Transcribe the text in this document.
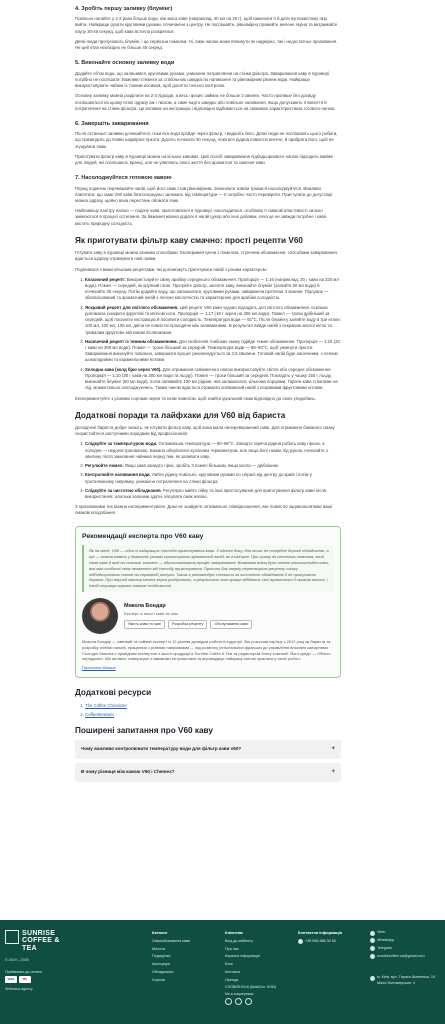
4. Зробіть першу заливку (блумінг)

Повільно налийте у 2-3 рази більше води, ніж маса кави (наприклад, 40 мл на 20 г), щоб намочити її й дати вуглекислому газу вийти. Найкраще рухати круговими рухами, починаючи з центру. Не поспішайте, рівномірно промийте меленe зерна та витримайте паузу 30-45 секунд, щоб кава встигла розкритися.

Деякі люди пропускають блумінг, і це серйозна помилка. Ні, смак напою може вплинути як надмірно, так і недостатньо проливання. Не цей етап необхідно не більше 45 секунд.

5. Виконайте основну заливку води

Додайте об'єм води, що залишився, круговими рухами, уникаючи потрапляння на стінки фільтра. Заварювання каву в пуровері потрібно не поспішати. Важливо стежити за стабільною швидкістю наливання та рівномірним рівнем води. Найкраще використовувати чайник із тонким носиком, щоб досягти точного контролю.

Основну заливку можна розділити на 2-3 підходи, а весь процес займає не більше 3 хвилин. Часто пропише без досвіду поспішаються на цьому етапі одразу аж і тиском, а саме надто швидко або повільне заливання, якщо допускають її вилиття й потрапляння на стінки фільтра. Це впливає на екстракцію і відповідно відбивається на смакових характеристиках готового напою.

6. Завершіть заварювання

Після останньої заливки дочекайтеся, поки вся вода пройде через фільтр, і видаліть його. Деякі люди не поспішають цього робити, що призводить до появи надмірної гіркоти. Досить почекати 30 секунд, поки вся рідина повністю витече, й прибрати його, щоб не згущувати смак.

Приготувати фільтр-каву в пуровері можна на кількох кавових. Цей спосіб заварювання підбадьорливого напою підходить майже для людей, які поспішають вранці, але не уявляють свого життя без ароматної та смачної кави.

7. Насолоджуйтеся готовою кавою

Перед подачею перемішайте напій, щоб його смак став рівномірним. Зекономте зовсім трішки й насолоджуйтеся. Важливо пам'ятати, що смак V60 кави безпосередньо залежить від температури — її потрібно часто перевіряти. Приступати до дегустації можна одразу, щойно вона перестане обпікати язик.

Найповнішу палітру напою — подачу кави, приготовленої в пуровері, насолодитися, особливо її смакові властивості сильно змінюються в процесі остигання. За бажання можна додати в напій цукор або інші добавки, хоча це не завжди потрібне і кава містить природну солодкість.

Як приготувати фільтр каву смачно: прості рецепти V60

Готувати каву в пуровері можна різними способами. Експериментуючи з помелом, ступенем обсмаження, способами заварювання, вдасться щоразу отримувати нові смаки.

Поділимося з вами кількома рецептами, які допоможуть приготувати напій з різним характером:

1. Класичний рецепт: Використовуйте свіжу арабіку середнього обсмаження. Пропорція — 1:16 (наприклад, 20 г кави на 320 мл води). Помел — середній, як крупний пісок. Прогрійте фільтр, засипте каву, виконайте блумінг (залийте 60 мл води) й почекайте 30 секунд. Потім додайте воду, що залишилася, круговими рухами, заварюючи протягом 3 хвилин. Підсумок — збалансований та ароматний напій з легкою кислотністю та характерною для арабіки солодкістю.
2. Яскравий рецепт для світлого обсмаження. Цей рецепт V60 кави чудово підходить для світлого обсмаження, оскільки допомагає розкрити фруктові та квіткові ноти. Пропорція — 1:17 (18 г зерен на 306 мл води). Помел — трохи дрібніший за середній, щоб посилити екстракцію й посилити солодкість. Температура води — 92°C. Після блумінгу залийте воду в три етапи: 100 мл, 100 мл, 106 мл, двічи не повністю проходячи між заливаннями. В результаті вийде напій з яскравою кислотністю та тривалим фруктово-квітковим післясмаком.
3. Насичений рецепт із темним обсмаженням. Для любителів глибоких смаку підійде темне обсмаження. Пропорція — 1:15 (20 г кави на 300 мл води). Помел — трохи більший за середній. Температура води — 88–90°C, щоб уникнути гіркоти. Заварювання виконуйте повільно, завершити процес рекомендується за 3,5 хвилини. Готовий напій буде насиченим, з легким шоколадними та карамельними нотами.
4. Холодна кава (колд брю через V60). Для отримання освіжаючого напою використовуйте світлe або середнє обсмаження. Пропорція — 1:10 (30 г кави на 300 мл води та льоду). Помел — трохи більший за середній. Покладіть у чашку 150 г льоду, виконайте блумінг (50 мл води), потім заливайте 100 мл рідини, яка залишилася, кількома порціями. Гаряча кава стікатиме на лід, моментально охолоджуючись. Таким чином вдасться отримати освіжаючий напій з яскравими фруктовими нотами.

Експериментуйте з різними сортами зерен та їхнім помелом, щоб знайти ідеальний смак відповідно до своїх уподобань.

Додаткові поради та лайфхаки для V60 від бариста

Досвідчені бариста добре знають, як готувати фільтр каву, щоб вона мала неперевершений смак. Для отримання бажаного смаку скористайтеся наступними порадами від професіоналів:

1. Слідкуйте за температурою води. Оптимальна температура — 90–96°C. Занадто гаряча рідина робить каву гіркою, а холодна — недоекстрагованою. Бажано оберігатися кухонним термометром, але якщо його немає під рукою, почекайте 1 хвилину після закипання чайника перед тим, як заливати каву.
2. Регулюйте помел. Якщо кава занадто гірка, зробіть її помел більшим, якщо кисла — дрібнішим.
3. Контролюйте наливання води. Лийте рідину повільно, круговими рухами по спіралі від центру до країв і потім у протилежному напрямку, уникаючи потрапляння на стінки фільтра.
4. Слідкуйте за чистотою обладнання. Регулярно мийте лійку та інші пристосування для приготування фільтр-кави після використання, оскільки залишки здатні зіпсувати смак напою.

З прихованими тих можна експериментувати. Доки не знайдете оптимальне співвідношення, яке повністю задовольнятиме ваші смакові вподобання.

Рекомендації експерта про V60 каву
Як на мене, V60 — один із найкращих способів приготування кави. З одного боку, для нього не потрібне дороге обладнання, а ще — можна навіть у домашніх умовах приготувати ароматний напій, як в кав'ярні. При цьому не настільки важлива, який саме кава й якої на сопілкаї, головне — вдосконалювати процес заварювання. Виявляєм всіма були технік кількохитьбох кави, яка має особливі смак незалежно від способу приготування. Пропоно бак зверну перетворила рецепту чашку підбадьорливого напою на справжній ритуал. Також в рекомендую стежити за чистотою обладнання й не пропускати блумінг. При першій заливці мелені зерна розбухають, в результаті чого краще віддають свої ароматичні й смакові якості, і напій отримує виразні смакові особливості.
Микола Бондар
Експерт із якості кави та чаю
Якість кави та чаю	Розробка рецепту	Обслуговання кави
Микола Бондар — кавовий та чайний експерт із 12-річним досвідом роботи в індустрії. Він розпочав кар'єру з 2012 році як бариста та розробку лінійки напоїв, працюючи з різними напрямками — від розвитку регіональних франшиз до управління власним кав'ярнями. Сьогодні Микола є провідним експертом з якості продукції в Sunrise Coffee & Tea та редактором блогу компанії. Його кредо — «Якість передусім». Він активно співпрацює з кавовими ентузіастами та впроваджує найкращі світові практики у своєї роботі.
Прочитати більше
Додаткові ресурси
1. The Coffee Chronicler
2. Coffeebrewster
Поширені запитання про V60 каву
Чому важливо контролювати температуру води для фільтр кави v60?	+
В чому різниця між кавою V60 і Chemex?	+
SUNRISE
COFFEE & TEA
© 2019 – 2025
Приймаємо до оплати
VISA	MC
Webhaus.agency
Каталог
Свіжообсмажена кава
Молота
Подарунки
Аксесуари
Обладнання
Сиропи
Клієнтам
Вхід до кабінету
Про нас
Корисна інформація
Блог
Контакти
Оренда
CЛОВІЯНСЬК (Київ/Сіл. В/30)
Ми в соцмережах
Контактна інформація
+38 066 888 35 65
Viber
WhatsApp
Telegram
sunrisecoffee.ua@gmail.com
м. Київ, вул. Тараса Шевченка, 15 Мала Житомирська, 4
